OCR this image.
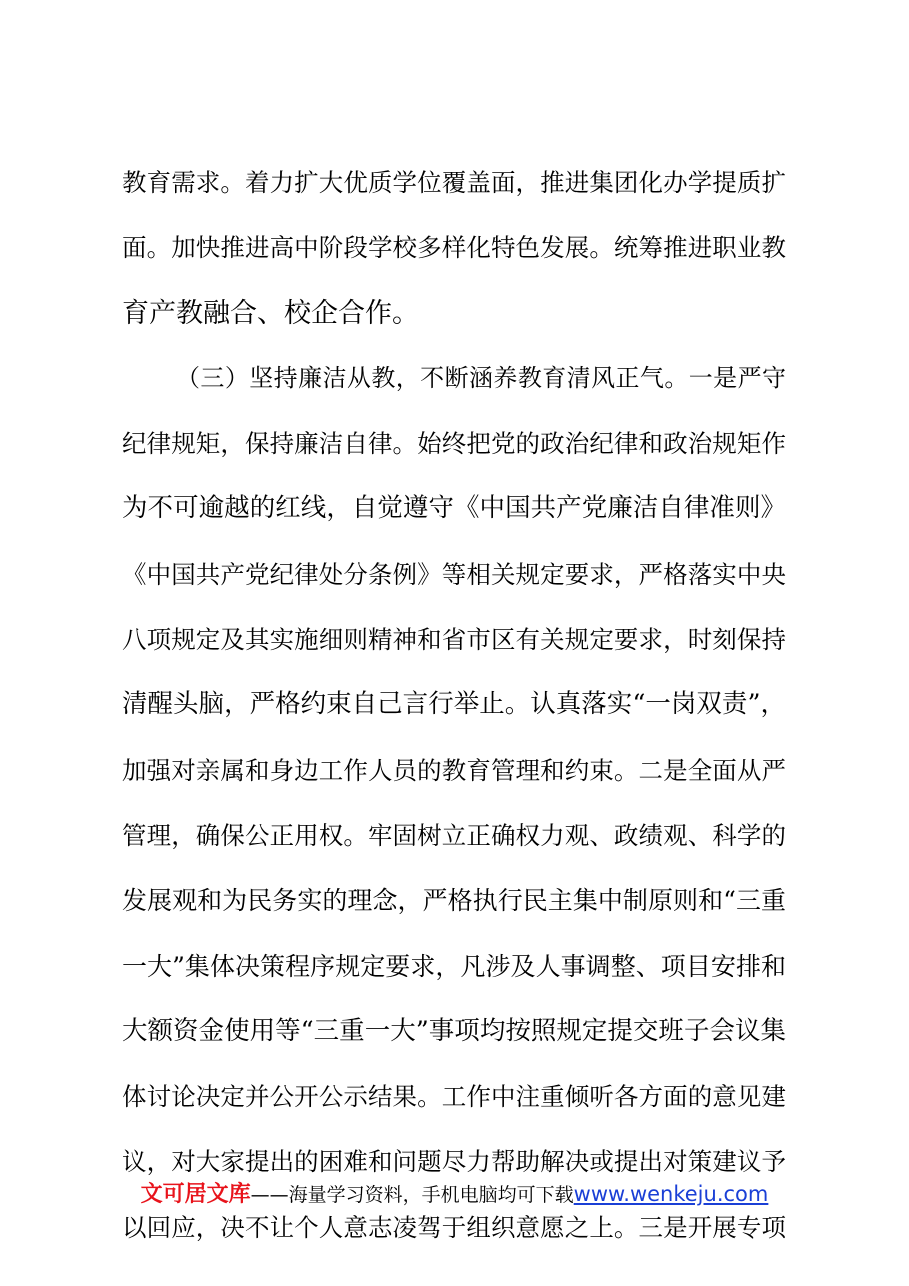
教育需求。着力扩大优质学位覆盖面，推进集团化办学提质扩
面。加快推进高中阶段学校多样化特色发展。统筹推进职业教
育产教融合、校企合作。
（三）坚持廉洁从教，不断涵养教育清风正气。一是严守
纪律规矩，保持廉洁自律。始终把党的政治纪律和政治规矩作
为不可逾越的红线，自觉遵守《中国共产党廉洁自律准则》
《中国共产党纪律处分条例》等相关规定要求，严格落实中央
八项规定及其实施细则精神和省市区有关规定要求，时刻保持
清醒头脑，严格约束自己言行举止。认真落实“一岗双责”，
加强对亲属和身边工作人员的教育管理和约束。二是全面从严
管理，确保公正用权。牢固树立正确权力观、政绩观、科学的
发展观和为民务实的理念，严格执行民主集中制原则和“三重
一大”集体决策程序规定要求，凡涉及人事调整、项目安排和
大额资金使用等“三重一大”事项均按照规定提交班子会议集
体讨论决定并公开公示结果。工作中注重倾听各方面的意见建
议，对大家提出的困难和问题尽力帮助解决或提出对策建议予
以回应，决不让个人意志凌驾于组织意愿之上。三是开展专项
文可居文库——海量学习资料，手机电脑均可下载www.wenkeju.com
